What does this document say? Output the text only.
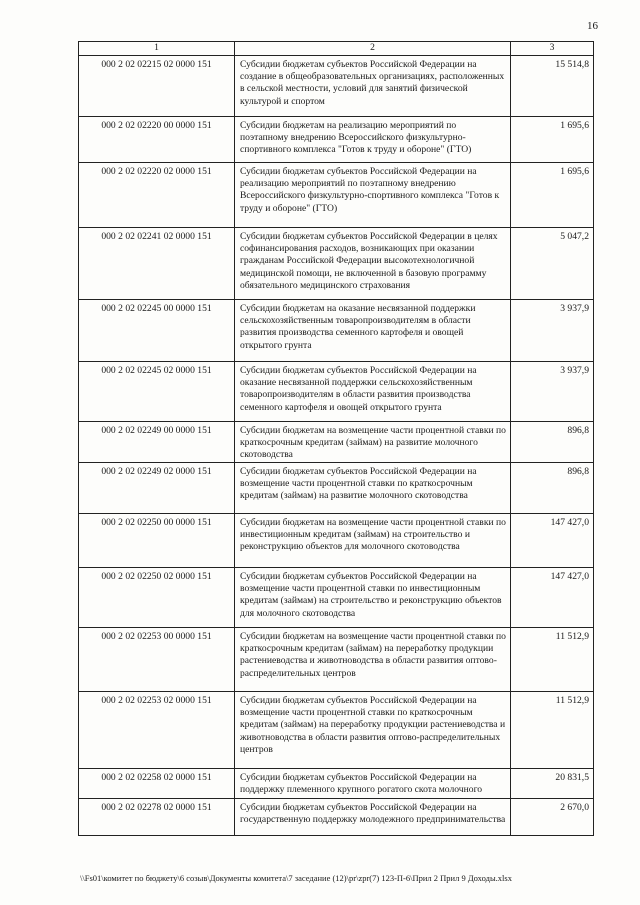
16
1	2	3
000 2 02 02215 02 0000 151	Субсидии бюджетам субъектов Российской Федерации на создание в общеобразовательных организациях, расположенных в сельской местности, условий для занятий физической культурой и спортом	15 514,8
000 2 02 02220 00 0000 151	Субсидии бюджетам на реализацию мероприятий по поэтапному внедрению Всероссийского физкультурно-спортивного комплекса "Готов к труду и обороне" (ГТО)	1 695,6
000 2 02 02220 02 0000 151	Субсидии бюджетам субъектов Российской Федерации на реализацию мероприятий по поэтапному внедрению Всероссийского физкультурно-спортивного комплекса "Готов к труду и обороне" (ГТО)	1 695,6
000 2 02 02241 02 0000 151	Субсидии бюджетам субъектов Российской Федерации в целях софинансирования расходов, возникающих при оказании гражданам Российской Федерации высокотехнологичной медицинской помощи, не включенной в базовую программу обязательного медицинского страхования	5 047,2
000 2 02 02245 00 0000 151	Субсидии бюджетам на оказание несвязанной поддержки сельскохозяйственным товаропроизводителям в области развития производства семенного картофеля и овощей открытого грунта	3 937,9
000 2 02 02245 02 0000 151	Субсидии бюджетам субъектов Российской Федерации на оказание несвязанной поддержки сельскохозяйственным товаропроизводителям в области развития производства семенного картофеля и овощей открытого грунта	3 937,9
000 2 02 02249 00 0000 151	Субсидии бюджетам на возмещение части процентной ставки по краткосрочным кредитам (займам) на развитие молочного скотоводства	896,8
000 2 02 02249 02 0000 151	Субсидии бюджетам субъектов Российской Федерации на возмещение части процентной ставки по краткосрочным кредитам (займам) на развитие молочного скотоводства	896,8
000 2 02 02250 00 0000 151	Субсидии бюджетам на возмещение части процентной ставки по инвестиционным кредитам (займам) на строительство и реконструкцию объектов для молочного скотоводства	147 427,0
000 2 02 02250 02 0000 151	Субсидии бюджетам субъектов Российской Федерации на возмещение части процентной ставки по инвестиционным кредитам (займам) на строительство и реконструкцию объектов для молочного скотоводства	147 427,0
000 2 02 02253 00 0000 151	Субсидии бюджетам на возмещение части процентной ставки по краткосрочным кредитам (займам) на переработку продукции растениеводства и животноводства в области развития оптово-распределительных центров	11 512,9
000 2 02 02253 02 0000 151	Субсидии бюджетам субъектов Российской Федерации на возмещение части процентной ставки по краткосрочным кредитам (займам) на переработку продукции растениеводства и животноводства в области развития оптово-распределительных центров	11 512,9
000 2 02 02258 02 0000 151	Субсидии бюджетам субъектов Российской Федерации на поддержку племенного крупного рогатого скота молочного	20 831,5
000 2 02 02278 02 0000 151	Субсидии бюджетам субъектов Российской Федерации на государственную поддержку молодежного предпринимательства	2 670,0
\\Fs01\комитет по бюджету\6 созыв\Документы комитета\7 заседание (12)\pr\zpr(7) 123-П-6\Прил 2 Прил 9 Доходы.xlsx
